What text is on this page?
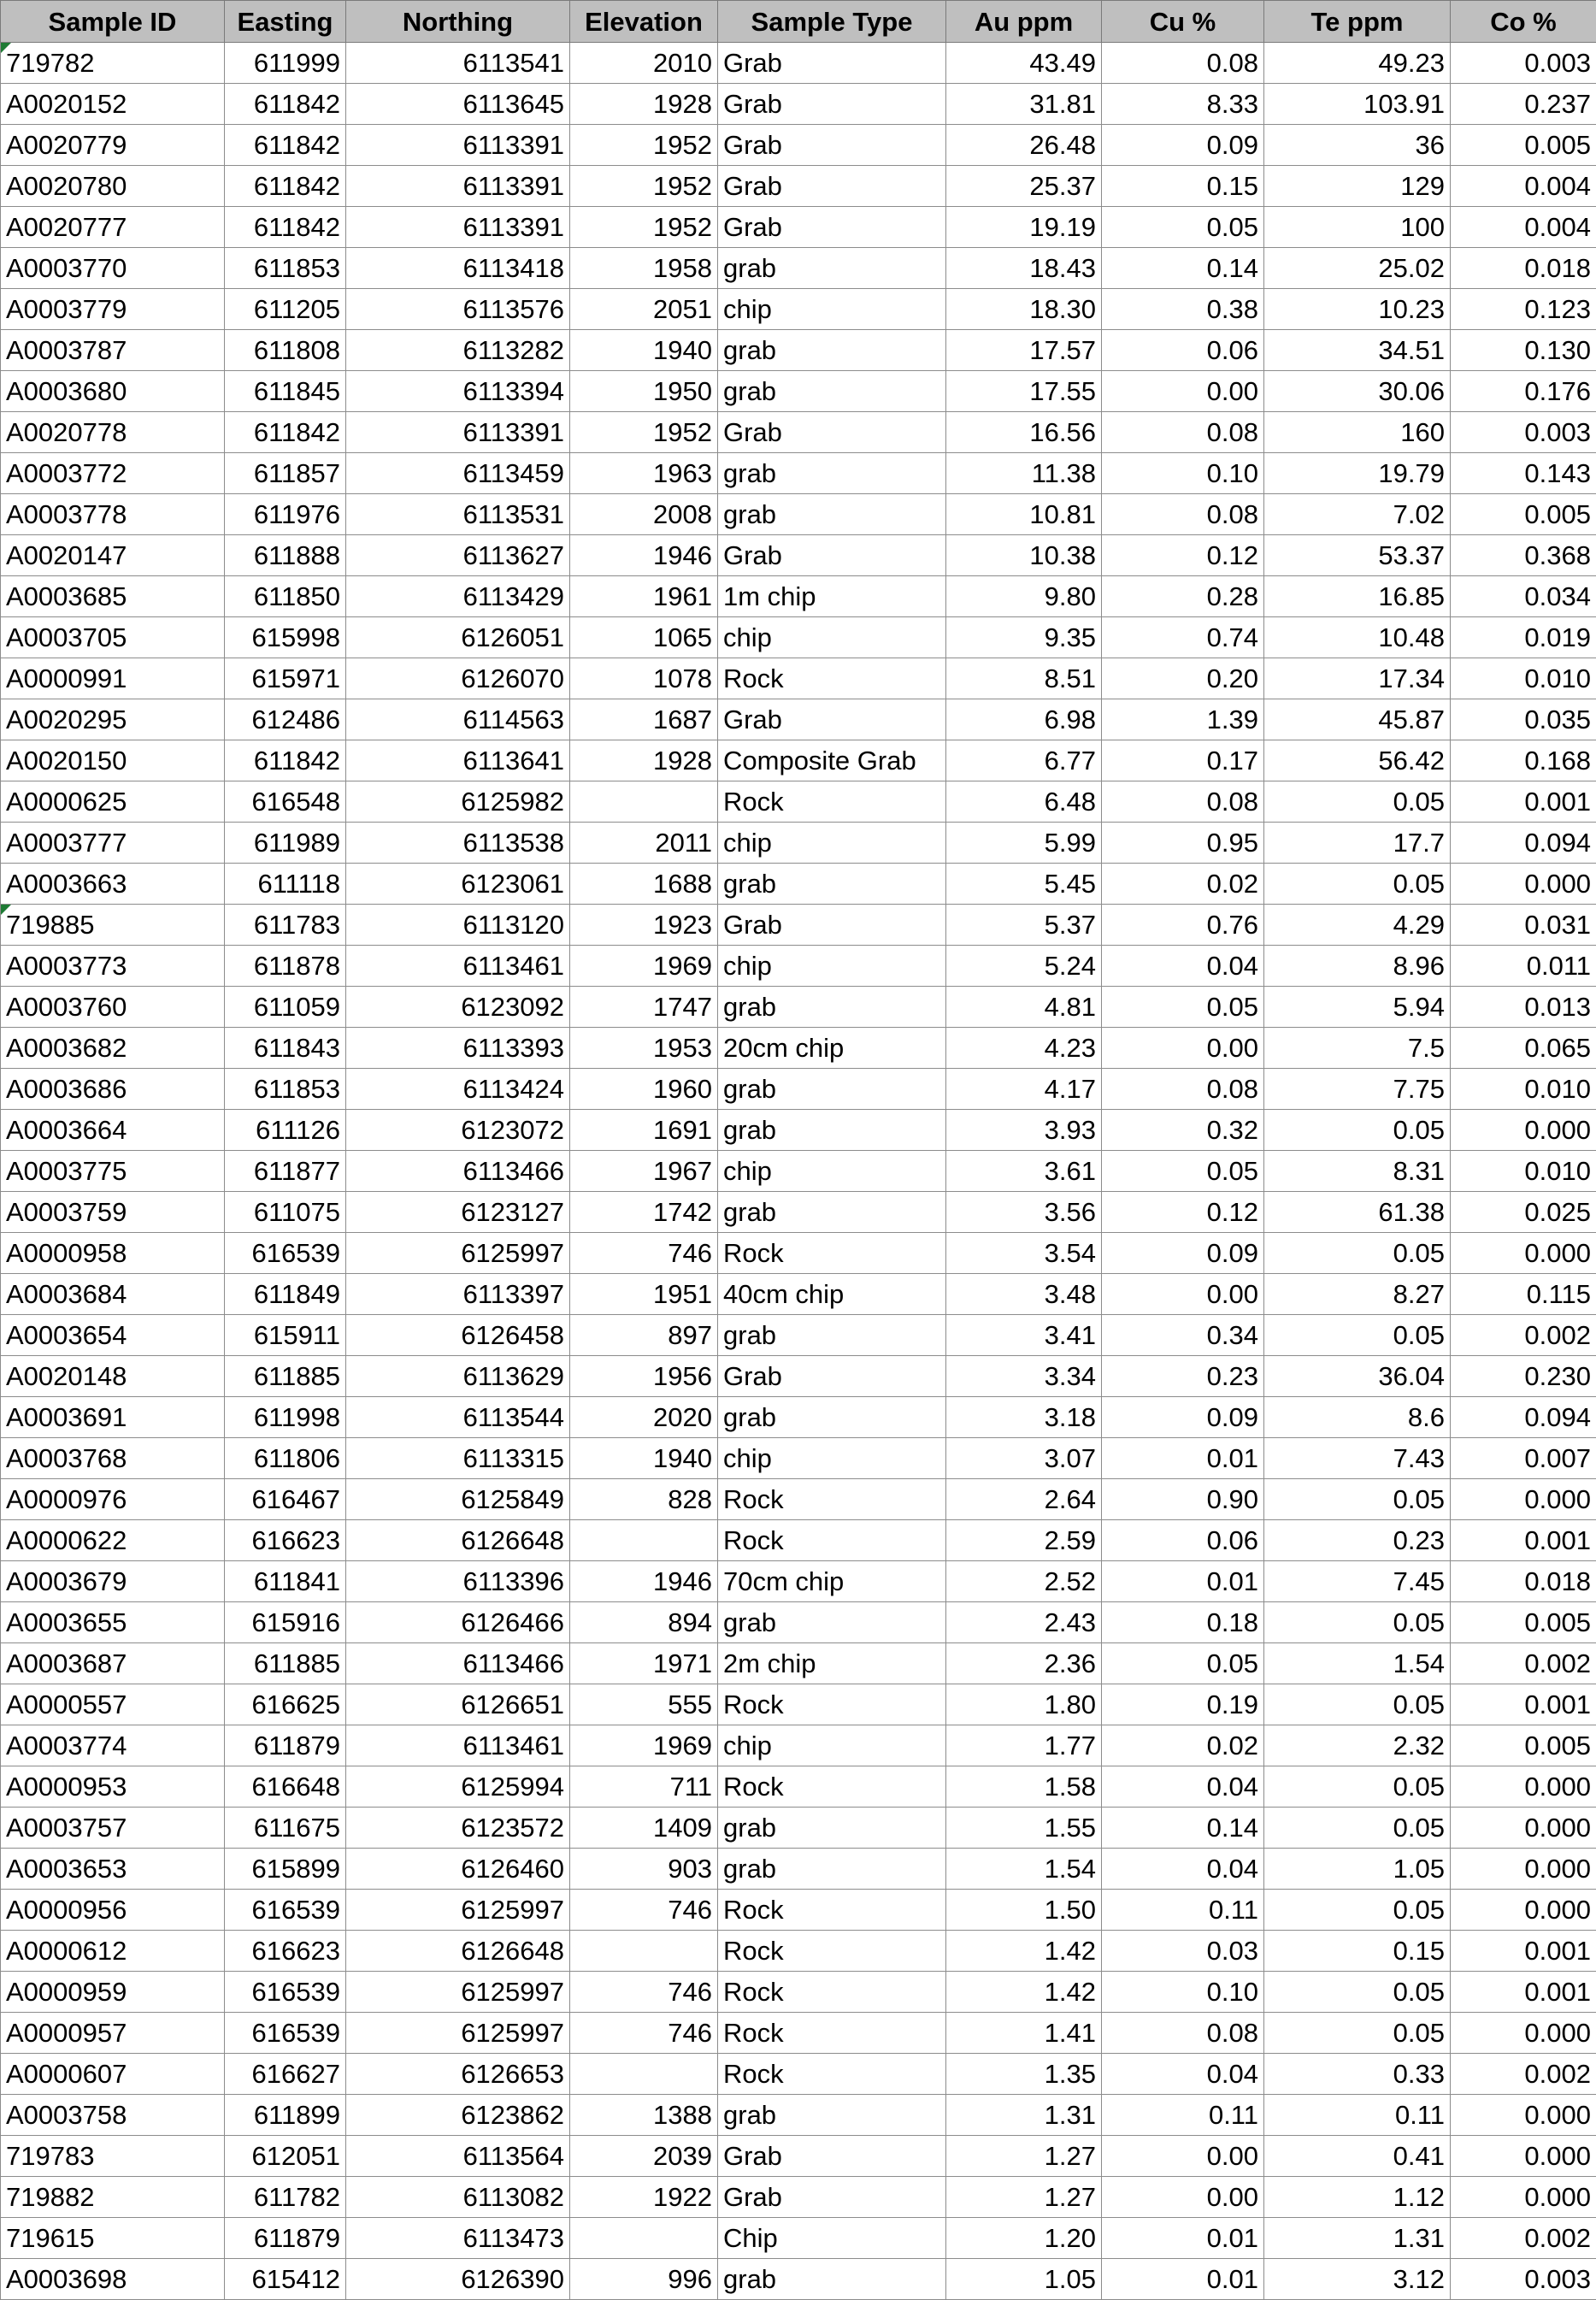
Sample ID	Easting	Northing	Elevation	Sample Type	Au ppm	Cu %	Te ppm	Co %
719782	611999	6113541	2010	Grab	43.49	0.08	49.23	0.003
A0020152	611842	6113645	1928	Grab	31.81	8.33	103.91	0.237
A0020779	611842	6113391	1952	Grab	26.48	0.09	36	0.005
A0020780	611842	6113391	1952	Grab	25.37	0.15	129	0.004
A0020777	611842	6113391	1952	Grab	19.19	0.05	100	0.004
A0003770	611853	6113418	1958	grab	18.43	0.14	25.02	0.018
A0003779	611205	6113576	2051	chip	18.30	0.38	10.23	0.123
A0003787	611808	6113282	1940	grab	17.57	0.06	34.51	0.130
A0003680	611845	6113394	1950	grab	17.55	0.00	30.06	0.176
A0020778	611842	6113391	1952	Grab	16.56	0.08	160	0.003
A0003772	611857	6113459	1963	grab	11.38	0.10	19.79	0.143
A0003778	611976	6113531	2008	grab	10.81	0.08	7.02	0.005
A0020147	611888	6113627	1946	Grab	10.38	0.12	53.37	0.368
A0003685	611850	6113429	1961	1m chip	9.80	0.28	16.85	0.034
A0003705	615998	6126051	1065	chip	9.35	0.74	10.48	0.019
A0000991	615971	6126070	1078	Rock	8.51	0.20	17.34	0.010
A0020295	612486	6114563	1687	Grab	6.98	1.39	45.87	0.035
A0020150	611842	6113641	1928	Composite Grab	6.77	0.17	56.42	0.168
A0000625	616548	6125982		Rock	6.48	0.08	0.05	0.001
A0003777	611989	6113538	2011	chip	5.99	0.95	17.7	0.094
A0003663	611118	6123061	1688	grab	5.45	0.02	0.05	0.000
719885	611783	6113120	1923	Grab	5.37	0.76	4.29	0.031
A0003773	611878	6113461	1969	chip	5.24	0.04	8.96	0.011
A0003760	611059	6123092	1747	grab	4.81	0.05	5.94	0.013
A0003682	611843	6113393	1953	20cm chip	4.23	0.00	7.5	0.065
A0003686	611853	6113424	1960	grab	4.17	0.08	7.75	0.010
A0003664	611126	6123072	1691	grab	3.93	0.32	0.05	0.000
A0003775	611877	6113466	1967	chip	3.61	0.05	8.31	0.010
A0003759	611075	6123127	1742	grab	3.56	0.12	61.38	0.025
A0000958	616539	6125997	746	Rock	3.54	0.09	0.05	0.000
A0003684	611849	6113397	1951	40cm chip	3.48	0.00	8.27	0.115
A0003654	615911	6126458	897	grab	3.41	0.34	0.05	0.002
A0020148	611885	6113629	1956	Grab	3.34	0.23	36.04	0.230
A0003691	611998	6113544	2020	grab	3.18	0.09	8.6	0.094
A0003768	611806	6113315	1940	chip	3.07	0.01	7.43	0.007
A0000976	616467	6125849	828	Rock	2.64	0.90	0.05	0.000
A0000622	616623	6126648		Rock	2.59	0.06	0.23	0.001
A0003679	611841	6113396	1946	70cm chip	2.52	0.01	7.45	0.018
A0003655	615916	6126466	894	grab	2.43	0.18	0.05	0.005
A0003687	611885	6113466	1971	2m chip	2.36	0.05	1.54	0.002
A0000557	616625	6126651	555	Rock	1.80	0.19	0.05	0.001
A0003774	611879	6113461	1969	chip	1.77	0.02	2.32	0.005
A0000953	616648	6125994	711	Rock	1.58	0.04	0.05	0.000
A0003757	611675	6123572	1409	grab	1.55	0.14	0.05	0.000
A0003653	615899	6126460	903	grab	1.54	0.04	1.05	0.000
A0000956	616539	6125997	746	Rock	1.50	0.11	0.05	0.000
A0000612	616623	6126648		Rock	1.42	0.03	0.15	0.001
A0000959	616539	6125997	746	Rock	1.42	0.10	0.05	0.001
A0000957	616539	6125997	746	Rock	1.41	0.08	0.05	0.000
A0000607	616627	6126653		Rock	1.35	0.04	0.33	0.002
A0003758	611899	6123862	1388	grab	1.31	0.11	0.11	0.000
719783	612051	6113564	2039	Grab	1.27	0.00	0.41	0.000
719882	611782	6113082	1922	Grab	1.27	0.00	1.12	0.000
719615	611879	6113473		Chip	1.20	0.01	1.31	0.002
A0003698	615412	6126390	996	grab	1.05	0.01	3.12	0.003
